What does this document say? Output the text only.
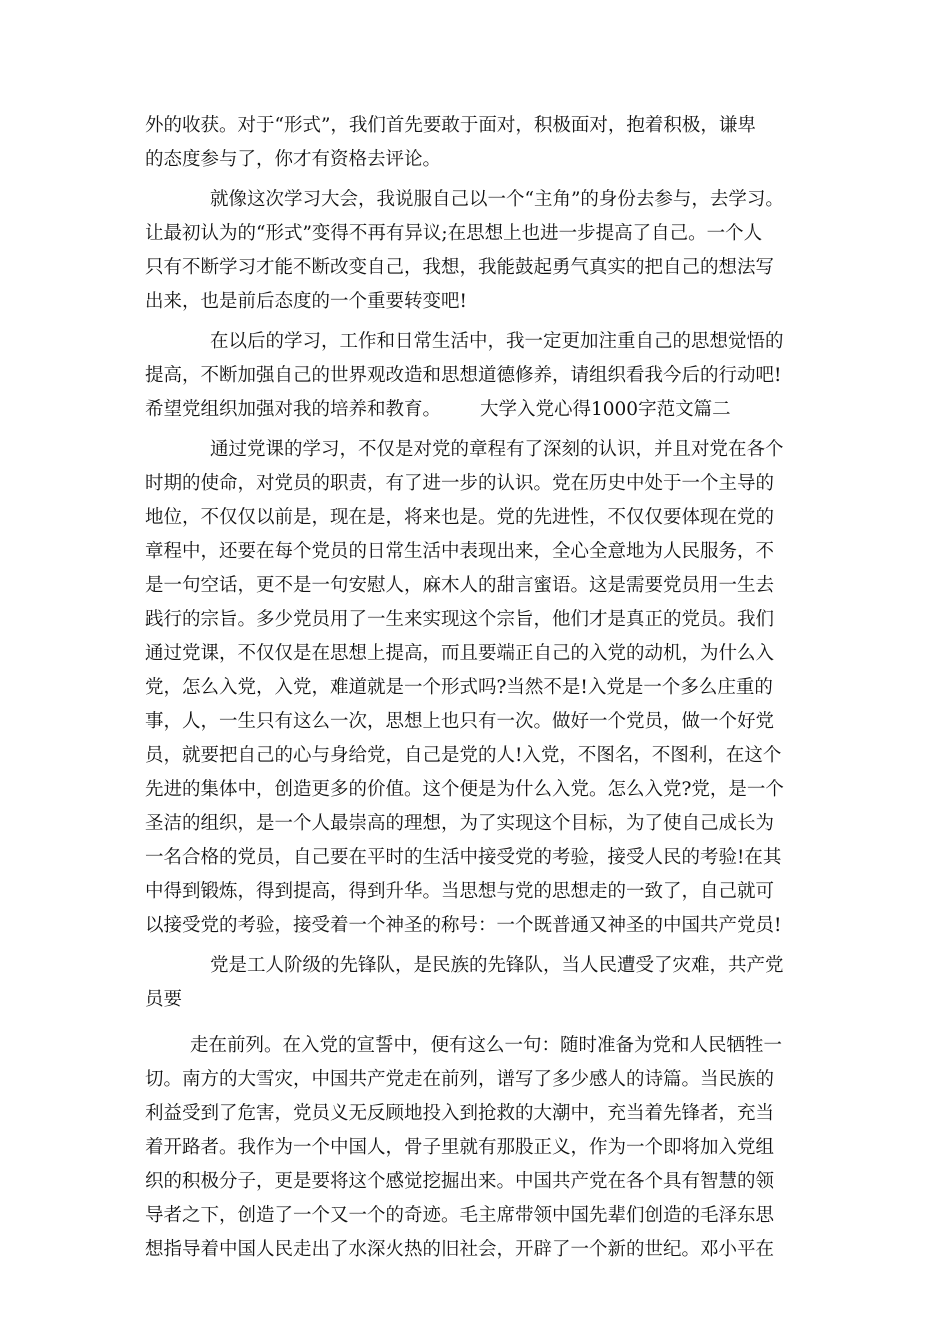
外的收获。对于“形式”，我们首先要敢于面对，积极面对，抱着积极，谦卑
的态度参与了，你才有资格去评论。
就像这次学习大会，我说服自己以一个“主角”的身份去参与，去学习。
让最初认为的“形式”变得不再有异议;在思想上也进一步提高了自己。一个人
只有不断学习才能不断改变自己，我想，我能鼓起勇气真实的把自己的想法写
出来，也是前后态度的一个重要转变吧!
在以后的学习，工作和日常生活中，我一定更加注重自己的思想觉悟的
提高，不断加强自己的世界观改造和思想道德修养，请组织看我今后的行动吧!
希望党组织加强对我的培养和教育。 大学入党心得1000字范文篇二
通过党课的学习，不仅是对党的章程有了深刻的认识，并且对党在各个
时期的使命，对党员的职责，有了进一步的认识。党在历史中处于一个主导的
地位，不仅仅以前是，现在是，将来也是。党的先进性，不仅仅要体现在党的
章程中，还要在每个党员的日常生活中表现出来，全心全意地为人民服务，不
是一句空话，更不是一句安慰人，麻木人的甜言蜜语。这是需要党员用一生去
践行的宗旨。多少党员用了一生来实现这个宗旨，他们才是真正的党员。我们
通过党课，不仅仅是在思想上提高，而且要端正自己的入党的动机，为什么入
党，怎么入党，入党，难道就是一个形式吗?当然不是!入党是一个多么庄重的
事，人，一生只有这么一次，思想上也只有一次。做好一个党员，做一个好党
员，就要把自己的心与身给党，自己是党的人!入党，不图名，不图利，在这个
先进的集体中，创造更多的价值。这个便是为什么入党。怎么入党?党，是一个
圣洁的组织，是一个人最崇高的理想，为了实现这个目标，为了使自己成长为
一名合格的党员，自己要在平时的生活中接受党的考验，接受人民的考验!在其
中得到锻炼，得到提高，得到升华。当思想与党的思想走的一致了，自己就可
以接受党的考验，接受着一个神圣的称号：一个既普通又神圣的中国共产党员!
党是工人阶级的先锋队，是民族的先锋队，当人民遭受了灾难，共产党
员要
走在前列。在入党的宣誓中，便有这么一句：随时准备为党和人民牺牲一
切。南方的大雪灾，中国共产党走在前列，谱写了多少感人的诗篇。当民族的
利益受到了危害，党员义无反顾地投入到抢救的大潮中，充当着先锋者，充当
着开路者。我作为一个中国人，骨子里就有那股正义，作为一个即将加入党组
织的积极分子，更是要将这个感觉挖掘出来。中国共产党在各个具有智慧的领
导者之下，创造了一个又一个的奇迹。毛主席带领中国先辈们创造的毛泽东思
想指导着中国人民走出了水深火热的旧社会，开辟了一个新的世纪。邓小平在
